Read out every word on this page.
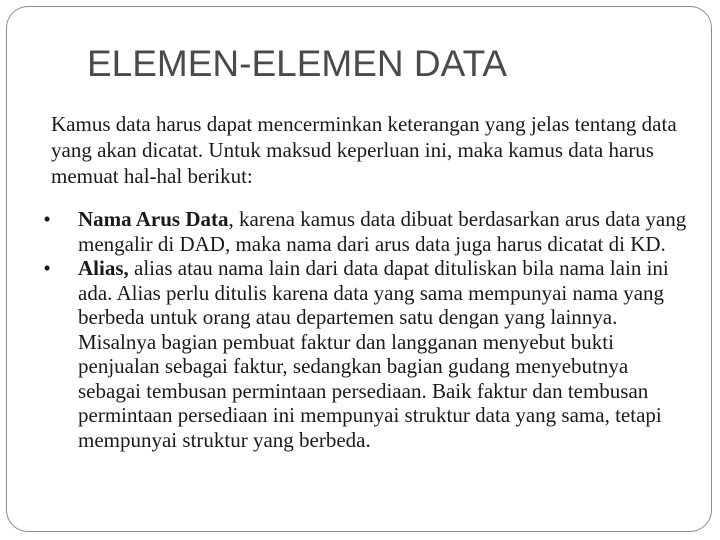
ELEMEN-ELEMEN DATA

Kamus data harus dapat mencerminkan keterangan yang jelas tentang data yang akan dicatat. Untuk maksud keperluan ini, maka kamus data harus memuat hal-hal berikut:

•	Nama Arus Data, karena kamus data dibuat berdasarkan arus data yang mengalir di DAD, maka nama dari arus data juga harus dicatat di KD.
•	Alias, alias atau nama lain dari data dapat dituliskan bila nama lain ini ada. Alias perlu ditulis karena data yang sama mempunyai nama yang berbeda untuk orang atau departemen satu dengan yang lainnya. Misalnya bagian pembuat faktur dan langganan menyebut bukti penjualan sebagai faktur, sedangkan bagian gudang menyebutnya sebagai tembusan permintaan persediaan. Baik faktur dan tembusan permintaan persediaan ini mempunyai struktur data yang sama, tetapi mempunyai struktur yang berbeda.
